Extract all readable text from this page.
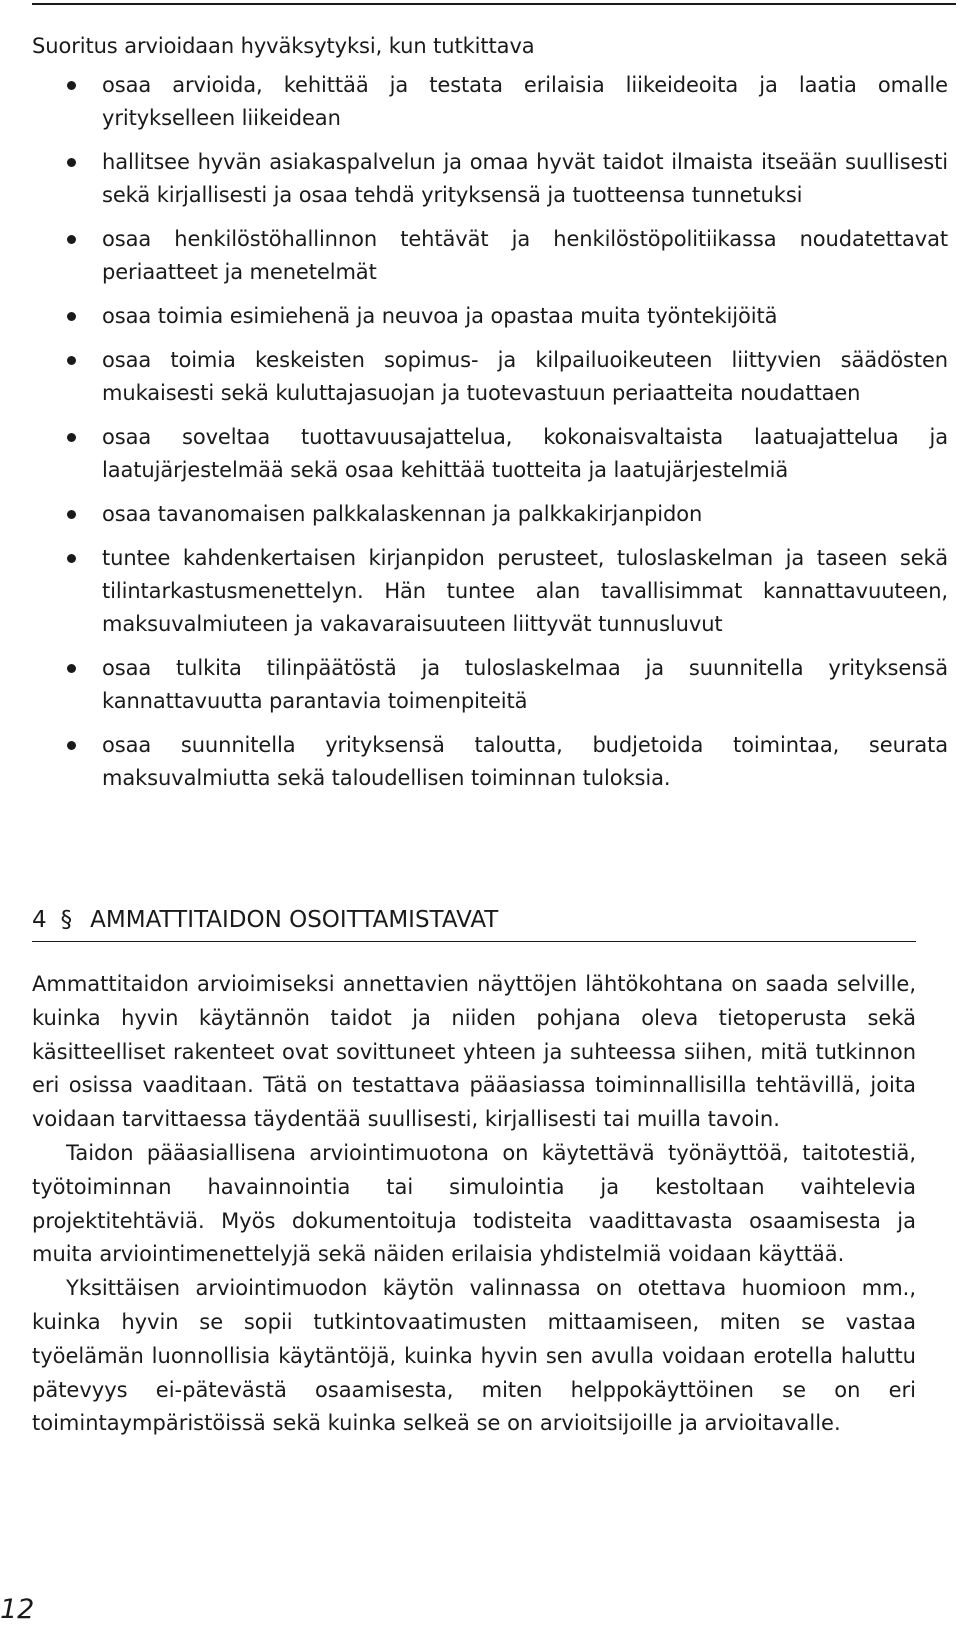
Suoritus arvioidaan hyväksytyksi, kun tutkittava

osaa arvioida, kehittää ja testata erilaisia liikeideoita ja laatia omalle yritykselleen liikeidean
hallitsee hyvän asiakaspalvelun ja omaa hyvät taidot ilmaista itseään suullisesti sekä kirjallisesti ja osaa tehdä yrityksensä ja tuotteensa tunnetuksi
osaa henkilöstöhallinnon tehtävät ja henkilöstöpolitiikassa noudatettavat periaatteet ja menetelmät
osaa toimia esimiehenä ja neuvoa ja opastaa muita työntekijöitä
osaa toimia keskeisten sopimus- ja kilpailuoikeuteen liittyvien säädösten mukaisesti sekä kuluttajasuojan ja tuotevastuun periaatteita noudattaen
osaa soveltaa tuottavuusajattelua, kokonaisvaltaista laatuajattelua ja laatujärjestelmää sekä osaa kehittää tuotteita ja laatujärjestelmiä
osaa tavanomaisen palkkalaskennan ja palkkakirjanpidon
tuntee kahdenkertaisen kirjanpidon perusteet, tuloslaskelman ja taseen sekä tilintarkastusmenettelyn. Hän tuntee alan tavallisimmat kannattavuuteen, maksuvalmiuteen ja vakavaraisuuteen liittyvät tunnusluvut
osaa tulkita tilinpäätöstä ja tuloslaskelmaa ja suunnitella yrityksensä kannattavuutta parantavia toimenpiteitä
osaa suunnitella yrityksensä taloutta, budjetoida toimintaa, seurata maksuvalmiutta sekä taloudellisen toiminnan tuloksia.
4 § AMMATTITAIDON OSOITTAMISTAVAT

Ammattitaidon arvioimiseksi annettavien näyttöjen lähtökohtana on saada selville, kuinka hyvin käytännön taidot ja niiden pohjana oleva tietoperusta sekä käsitteelliset rakenteet ovat sovittuneet yhteen ja suhteessa siihen, mitä tutkinnon eri osissa vaaditaan. Tätä on testattava pääasiassa toiminnallisilla tehtävillä, joita voidaan tarvittaessa täydentää suullisesti, kirjallisesti tai muilla tavoin.

Taidon pääasiallisena arviointimuotona on käytettävä työnäyttöä, taitotestiä, työtoiminnan havainnointia tai simulointia ja kestoltaan vaihtelevia projektitehtäviä. Myös dokumentoituja todisteita vaadittavasta osaamisesta ja muita arviointimenettelyjä sekä näiden erilaisia yhdistelmiä voidaan käyttää.

Yksittäisen arviointimuodon käytön valinnassa on otettava huomioon mm., kuinka hyvin se sopii tutkintovaatimusten mittaamiseen, miten se vastaa työelämän luonnollisia käytäntöjä, kuinka hyvin sen avulla voidaan erotella haluttu pätevyys ei-pätevästä osaamisesta, miten helppokäyttöinen se on eri toimintaympäristöissä sekä kuinka selkeä se on arvioitsijoille ja arvioitavalle.

12
